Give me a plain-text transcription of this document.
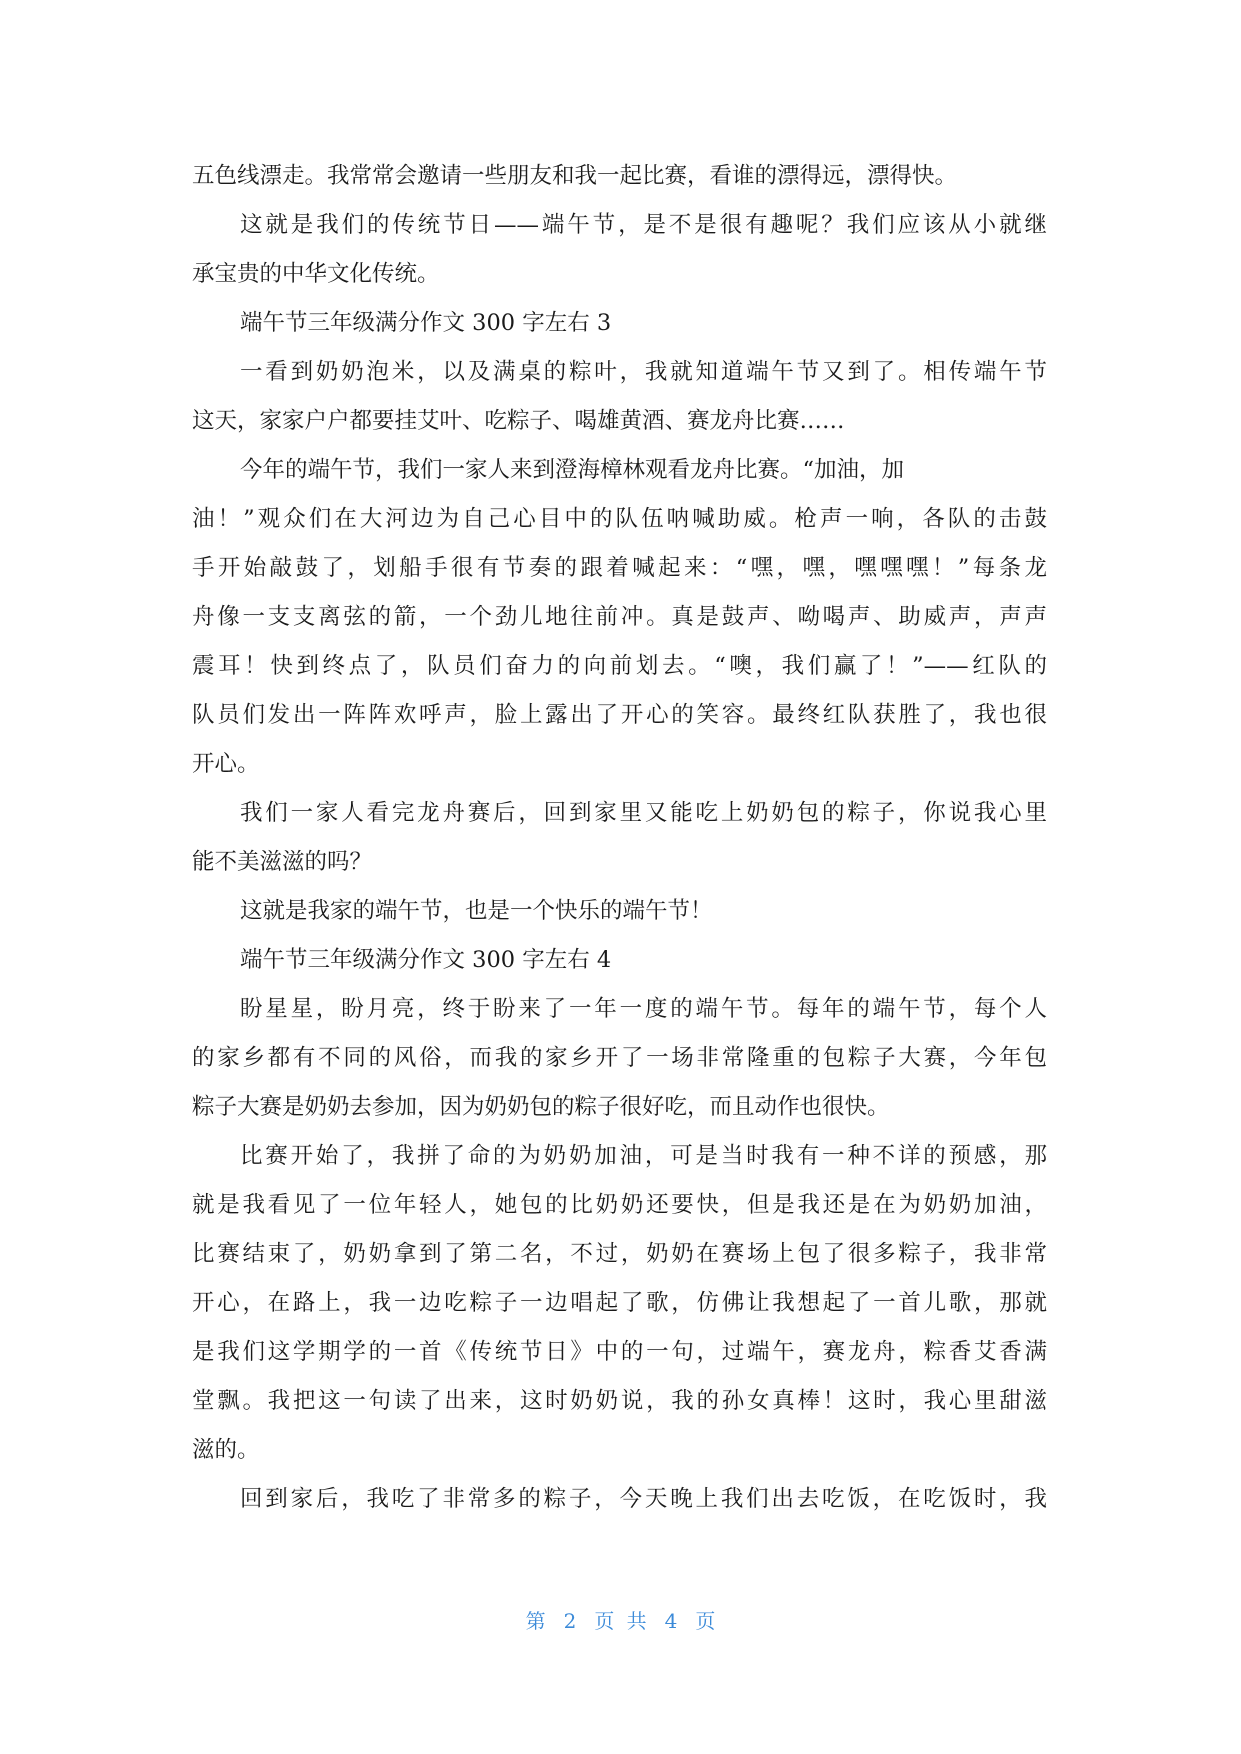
五色线漂走。我常常会邀请一些朋友和我一起比赛，看谁的漂得远，漂得快。
这就是我们的传统节日——端午节，是不是很有趣呢？我们应该从小就继
承宝贵的中华文化传统。
端午节三年级满分作文 300 字左右 3
一看到奶奶泡米，以及满桌的粽叶，我就知道端午节又到了。相传端午节
这天，家家户户都要挂艾叶、吃粽子、喝雄黄酒、赛龙舟比赛……
今年的端午节，我们一家人来到澄海樟林观看龙舟比赛。“加油，加
油！”观众们在大河边为自己心目中的队伍呐喊助威。枪声一响，各队的击鼓
手开始敲鼓了，划船手很有节奏的跟着喊起来：“嘿，嘿，嘿嘿嘿！”每条龙
舟像一支支离弦的箭，一个劲儿地往前冲。真是鼓声、呦喝声、助威声，声声
震耳！快到终点了，队员们奋力的向前划去。“噢，我们赢了！”——红队的
队员们发出一阵阵欢呼声，脸上露出了开心的笑容。最终红队获胜了，我也很
开心。
我们一家人看完龙舟赛后，回到家里又能吃上奶奶包的粽子，你说我心里
能不美滋滋的吗？
这就是我家的端午节，也是一个快乐的端午节！
端午节三年级满分作文 300 字左右 4
盼星星，盼月亮，终于盼来了一年一度的端午节。每年的端午节，每个人
的家乡都有不同的风俗，而我的家乡开了一场非常隆重的包粽子大赛，今年包
粽子大赛是奶奶去参加，因为奶奶包的粽子很好吃，而且动作也很快。
比赛开始了，我拼了命的为奶奶加油，可是当时我有一种不详的预感，那
就是我看见了一位年轻人，她包的比奶奶还要快，但是我还是在为奶奶加油，
比赛结束了，奶奶拿到了第二名，不过，奶奶在赛场上包了很多粽子，我非常
开心，在路上，我一边吃粽子一边唱起了歌，仿佛让我想起了一首儿歌，那就
是我们这学期学的一首《传统节日》中的一句，过端午，赛龙舟，粽香艾香满
堂飘。我把这一句读了出来，这时奶奶说，我的孙女真棒！这时，我心里甜滋
滋的。
回到家后，我吃了非常多的粽子，今天晚上我们出去吃饭，在吃饭时，我
第 2 页 共 4 页
